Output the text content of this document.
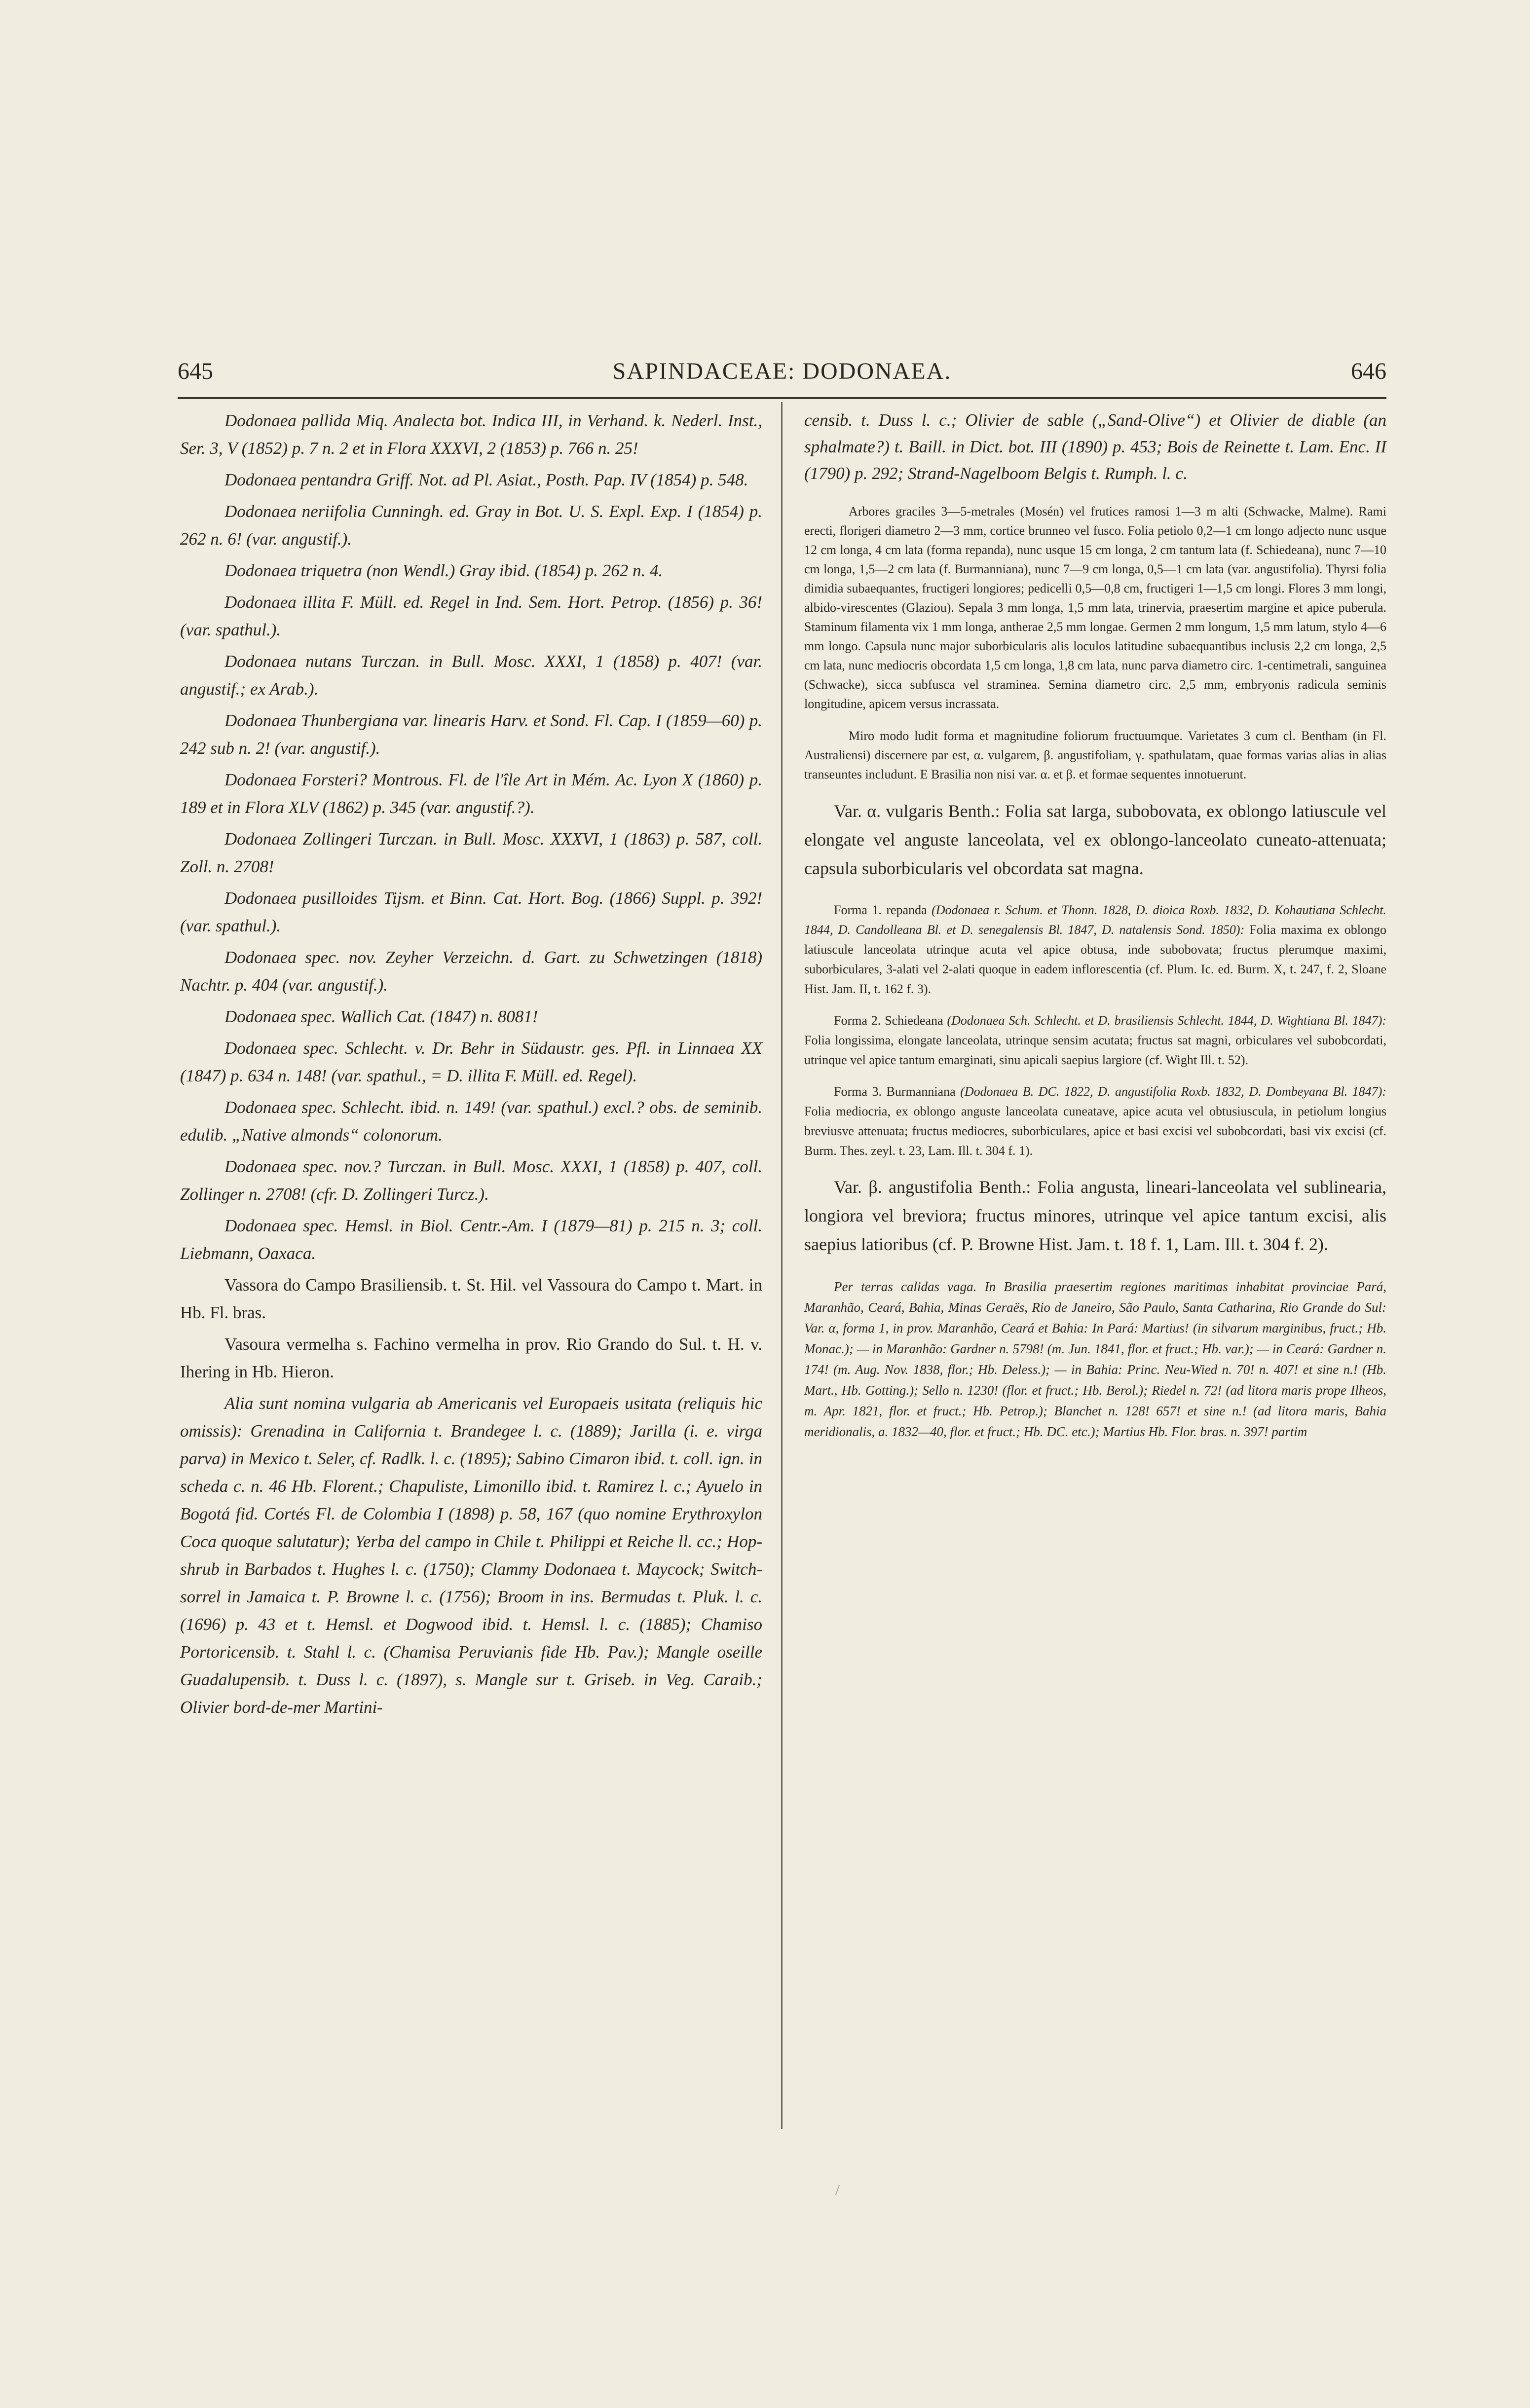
645	SAPINDACEAE: DODONAEA.	646

Dodonaea pallida Miq. Analecta bot. Indica III, in Verhand. k. Nederl. Inst., Ser. 3, V (1852) p. 7 n. 2 et in Flora XXXVI, 2 (1853) p. 766 n. 25!

Dodonaea pentandra Griff. Not. ad Pl. Asiat., Posth. Pap. IV (1854) p. 548.

Dodonaea neriifolia Cunningh. ed. Gray in Bot. U. S. Expl. Exp. I (1854) p. 262 n. 6! (var. angustif.).

Dodonaea triquetra (non Wendl.) Gray ibid. (1854) p. 262 n. 4.

Dodonaea illita F. Müll. ed. Regel in Ind. Sem. Hort. Petrop. (1856) p. 36! (var. spathul.).

Dodonaea nutans Turczan. in Bull. Mosc. XXXI, 1 (1858) p. 407! (var. angustif.; ex Arab.).

Dodonaea Thunbergiana var. linearis Harv. et Sond. Fl. Cap. I (1859—60) p. 242 sub n. 2! (var. angustif.).

Dodonaea Forsteri? Montrous. Fl. de l'île Art in Mém. Ac. Lyon X (1860) p. 189 et in Flora XLV (1862) p. 345 (var. angustif.?).

Dodonaea Zollingeri Turczan. in Bull. Mosc. XXXVI, 1 (1863) p. 587, coll. Zoll. n. 2708!

Dodonaea pusilloides Tijsm. et Binn. Cat. Hort. Bog. (1866) Suppl. p. 392! (var. spathul.).

Dodonaea spec. nov. Zeyher Verzeichn. d. Gart. zu Schwetzingen (1818) Nachtr. p. 404 (var. angustif.).

Dodonaea spec. Wallich Cat. (1847) n. 8081!

Dodonaea spec. Schlecht. v. Dr. Behr in Südaustr. ges. Pfl. in Linnaea XX (1847) p. 634 n. 148! (var. spathul., = D. illita F. Müll. ed. Regel).

Dodonaea spec. Schlecht. ibid. n. 149! (var. spathul.) excl.? obs. de seminib. edulib. „Native almonds“ colonorum.

Dodonaea spec. nov.? Turczan. in Bull. Mosc. XXXI, 1 (1858) p. 407, coll. Zollinger n. 2708! (cfr. D. Zollingeri Turcz.).

Dodonaea spec. Hemsl. in Biol. Centr.-Am. I (1879—81) p. 215 n. 3; coll. Liebmann, Oaxaca.

Vassora do Campo Brasiliensib. t. St. Hil. vel Vassoura do Campo t. Mart. in Hb. Fl. bras.

Vasoura vermelha s. Fachino vermelha in prov. Rio Grando do Sul. t. H. v. Ihering in Hb. Hieron.

Alia sunt nomina vulgaria ab Americanis vel Europaeis usitata (reliquis hic omissis): Grenadina in California t. Brandegee l. c. (1889); Jarilla (i. e. virga parva) in Mexico t. Seler, cf. Radlk. l. c. (1895); Sabino Cimaron ibid. t. coll. ign. in scheda c. n. 46 Hb. Florent.; Chapuliste, Limonillo ibid. t. Ramirez l. c.; Ayuelo in Bogotá fid. Cortés Fl. de Colombia I (1898) p. 58, 167 (quo nomine Erythroxylon Coca quoque salutatur); Yerba del campo in Chile t. Philippi et Reiche ll. cc.; Hop-shrub in Barbados t. Hughes l. c. (1750); Clammy Dodonaea t. Maycock; Switch-sorrel in Jamaica t. P. Browne l. c. (1756); Broom in ins. Bermudas t. Pluk. l. c. (1696) p. 43 et t. Hemsl. et Dogwood ibid. t. Hemsl. l. c. (1885); Chamiso Portoricensib. t. Stahl l. c. (Chamisa Peruvianis fide Hb. Pav.); Mangle oseille Guadalupensib. t. Duss l. c. (1897), s. Mangle sur t. Griseb. in Veg. Caraib.; Olivier bord-de-mer Martini-

censib. t. Duss l. c.; Olivier de sable („Sand-Olive“) et Olivier de diable (an sphalmate?) t. Baill. in Dict. bot. III (1890) p. 453; Bois de Reinette t. Lam. Enc. II (1790) p. 292; Strand-Nagelboom Belgis t. Rumph. l. c.

Arbores graciles 3—5-metrales (Mosén) vel frutices ramosi 1—3 m alti (Schwacke, Malme). Rami erecti, florigeri diametro 2—3 mm, cortice brunneo vel fusco. Folia petiolo 0,2—1 cm longo adjecto nunc usque 12 cm longa, 4 cm lata (forma repanda), nunc usque 15 cm longa, 2 cm tantum lata (f. Schiedeana), nunc 7—10 cm longa, 1,5—2 cm lata (f. Burmanniana), nunc 7—9 cm longa, 0,5—1 cm lata (var. angustifolia). Thyrsi folia dimidia subaequantes, fructigeri longiores; pedicelli 0,5—0,8 cm, fructigeri 1—1,5 cm longi. Flores 3 mm longi, albido-virescentes (Glaziou). Sepala 3 mm longa, 1,5 mm lata, trinervia, praesertim margine et apice puberula. Staminum filamenta vix 1 mm longa, antherae 2,5 mm longae. Germen 2 mm longum, 1,5 mm latum, stylo 4—6 mm longo. Capsula nunc major suborbicularis alis loculos latitudine subaequantibus inclusis 2,2 cm longa, 2,5 cm lata, nunc mediocris obcordata 1,5 cm longa, 1,8 cm lata, nunc parva diametro circ. 1-centimetrali, sanguinea (Schwacke), sicca subfusca vel straminea. Semina diametro circ. 2,5 mm, embryonis radicula seminis longitudine, apicem versus incrassata.

Miro modo ludit forma et magnitudine foliorum fructuumque. Varietates 3 cum cl. Bentham (in Fl. Australiensi) discernere par est, α. vulgarem, β. angustifoliam, γ. spathulatam, quae formas varias alias in alias transeuntes includunt. E Brasilia non nisi var. α. et β. et formae sequentes innotuerunt.

Var. α. vulgaris Benth.: Folia sat larga, subobovata, ex oblongo latiuscule vel elongate vel anguste lanceolata, vel ex oblongo-lanceolato cuneato-attenuata; capsula suborbicularis vel obcordata sat magna.

Forma 1. repanda (Dodonaea r. Schum. et Thonn. 1828, D. dioica Roxb. 1832, D. Kohautiana Schlecht. 1844, D. Candolleana Bl. et D. senegalensis Bl. 1847, D. natalensis Sond. 1850): Folia maxima ex oblongo latiuscule lanceolata utrinque acuta vel apice obtusa, inde subobovata; fructus plerumque maximi, suborbiculares, 3-alati vel 2-alati quoque in eadem inflorescentia (cf. Plum. Ic. ed. Burm. X, t. 247, f. 2, Sloane Hist. Jam. II, t. 162 f. 3).

Forma 2. Schiedeana (Dodonaea Sch. Schlecht. et D. brasiliensis Schlecht. 1844, D. Wightiana Bl. 1847): Folia longissima, elongate lanceolata, utrinque sensim acutata; fructus sat magni, orbiculares vel subobcordati, utrinque vel apice tantum emarginati, sinu apicali saepius largiore (cf. Wight Ill. t. 52).

Forma 3. Burmanniana (Dodonaea B. DC. 1822, D. angustifolia Roxb. 1832, D. Dombeyana Bl. 1847): Folia mediocria, ex oblongo anguste lanceolata cuneatave, apice acuta vel obtusiuscula, in petiolum longius breviusve attenuata; fructus mediocres, suborbiculares, apice et basi excisi vel subobcordati, basi vix excisi (cf. Burm. Thes. zeyl. t. 23, Lam. Ill. t. 304 f. 1).

Var. β. angustifolia Benth.: Folia angusta, lineari-lanceolata vel sublinearia, longiora vel breviora; fructus minores, utrinque vel apice tantum excisi, alis saepius latioribus (cf. P. Browne Hist. Jam. t. 18 f. 1, Lam. Ill. t. 304 f. 2).

Per terras calidas vaga. In Brasilia praesertim regiones maritimas inhabitat provinciae Pará, Maranhão, Ceará, Bahia, Minas Geraës, Rio de Janeiro, São Paulo, Santa Catharina, Rio Grande do Sul: Var. α, forma 1, in prov. Maranhão, Ceará et Bahia: In Pará: Martius! (in silvarum marginibus, fruct.; Hb. Monac.); — in Maranhão: Gardner n. 5798! (m. Jun. 1841, flor. et fruct.; Hb. var.); — in Ceará: Gardner n. 174! (m. Aug. Nov. 1838, flor.; Hb. Deless.); — in Bahia: Princ. Neu-Wied n. 70! n. 407! et sine n.! (Hb. Mart., Hb. Gotting.); Sello n. 1230! (flor. et fruct.; Hb. Berol.); Riedel n. 72! (ad litora maris prope Ilheos, m. Apr. 1821, flor. et fruct.; Hb. Petrop.); Blanchet n. 128! 657! et sine n.! (ad litora maris, Bahia meridionalis, a. 1832—40, flor. et fruct.; Hb. DC. etc.); Martius Hb. Flor. bras. n. 397! partim
